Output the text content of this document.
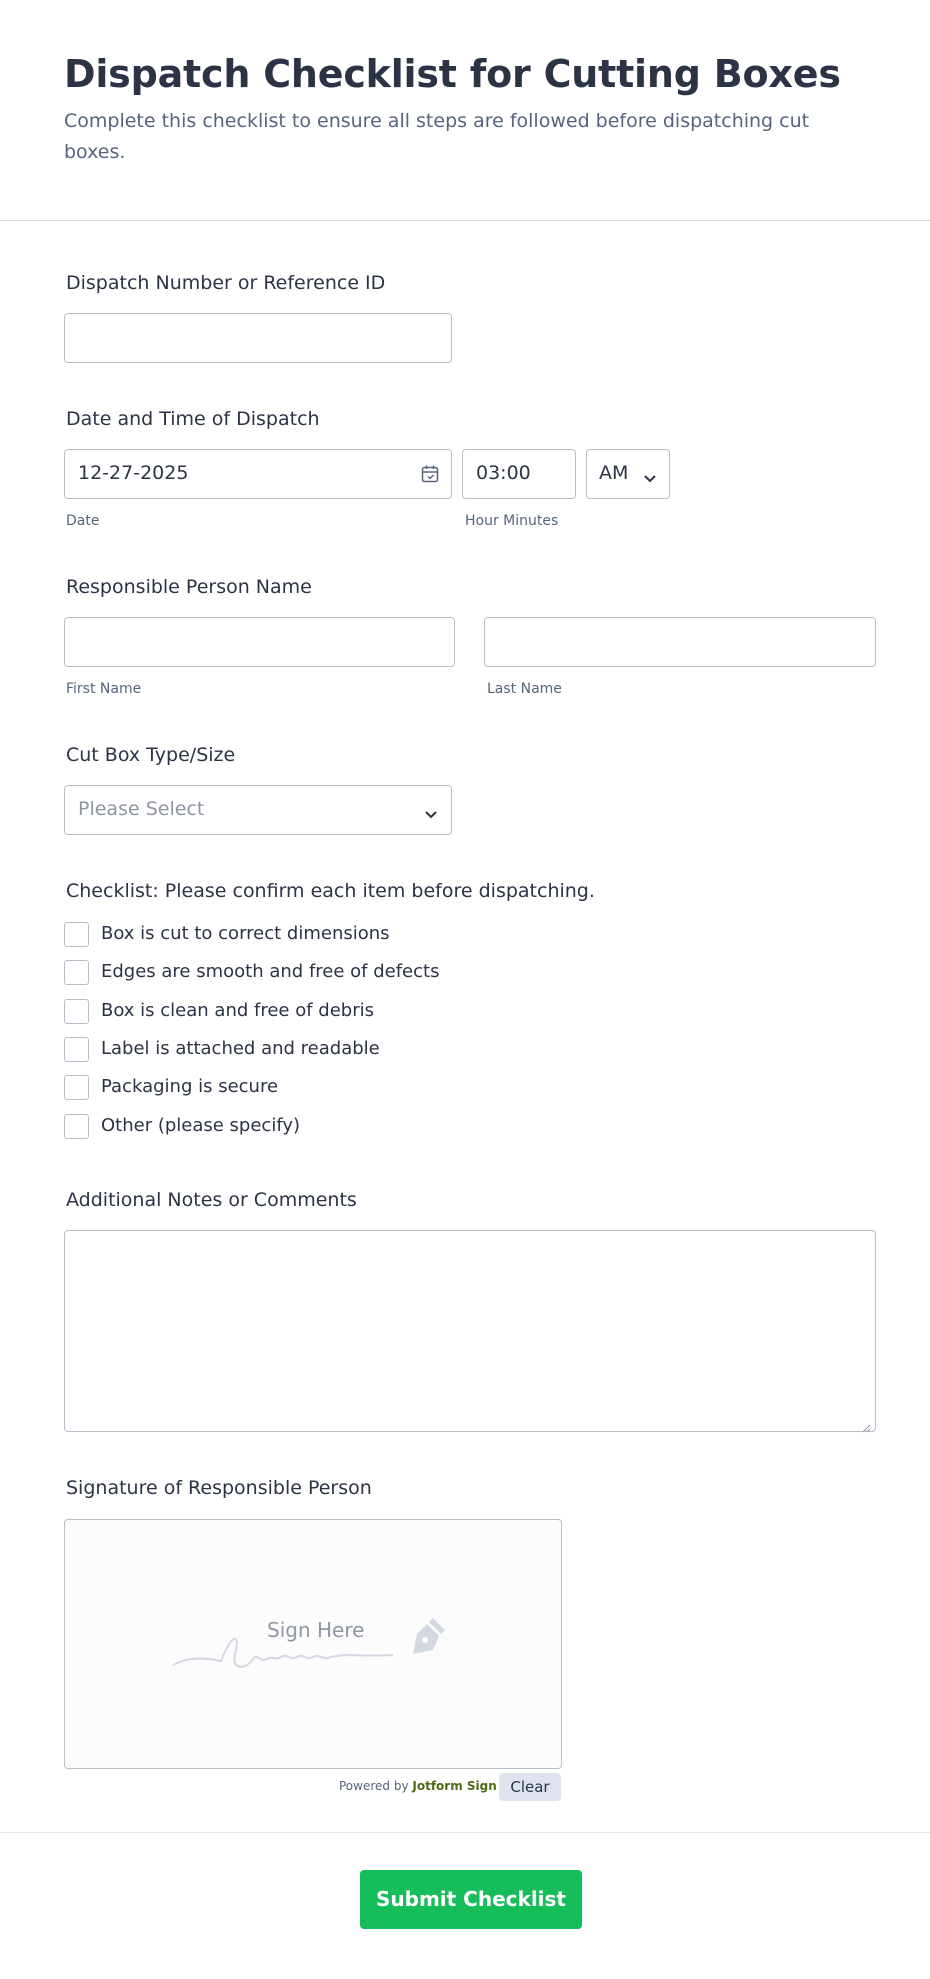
Dispatch Checklist for Cutting Boxes
Complete this checklist to ensure all steps are followed before dispatching cut boxes.
Dispatch Number or Reference ID
Date and Time of Dispatch
12-27-2025
Date
03:00	AM
Hour Minutes
Responsible Person Name
First Name	Last Name
Cut Box Type/Size
Please Select
Checklist: Please confirm each item before dispatching.
Box is cut to correct dimensions
Edges are smooth and free of defects
Box is clean and free of debris
Label is attached and readable
Packaging is secure
Other (please specify)
Additional Notes or Comments
Signature of Responsible Person
Sign Here
Powered by Jotform Sign Clear
Submit Checklist
